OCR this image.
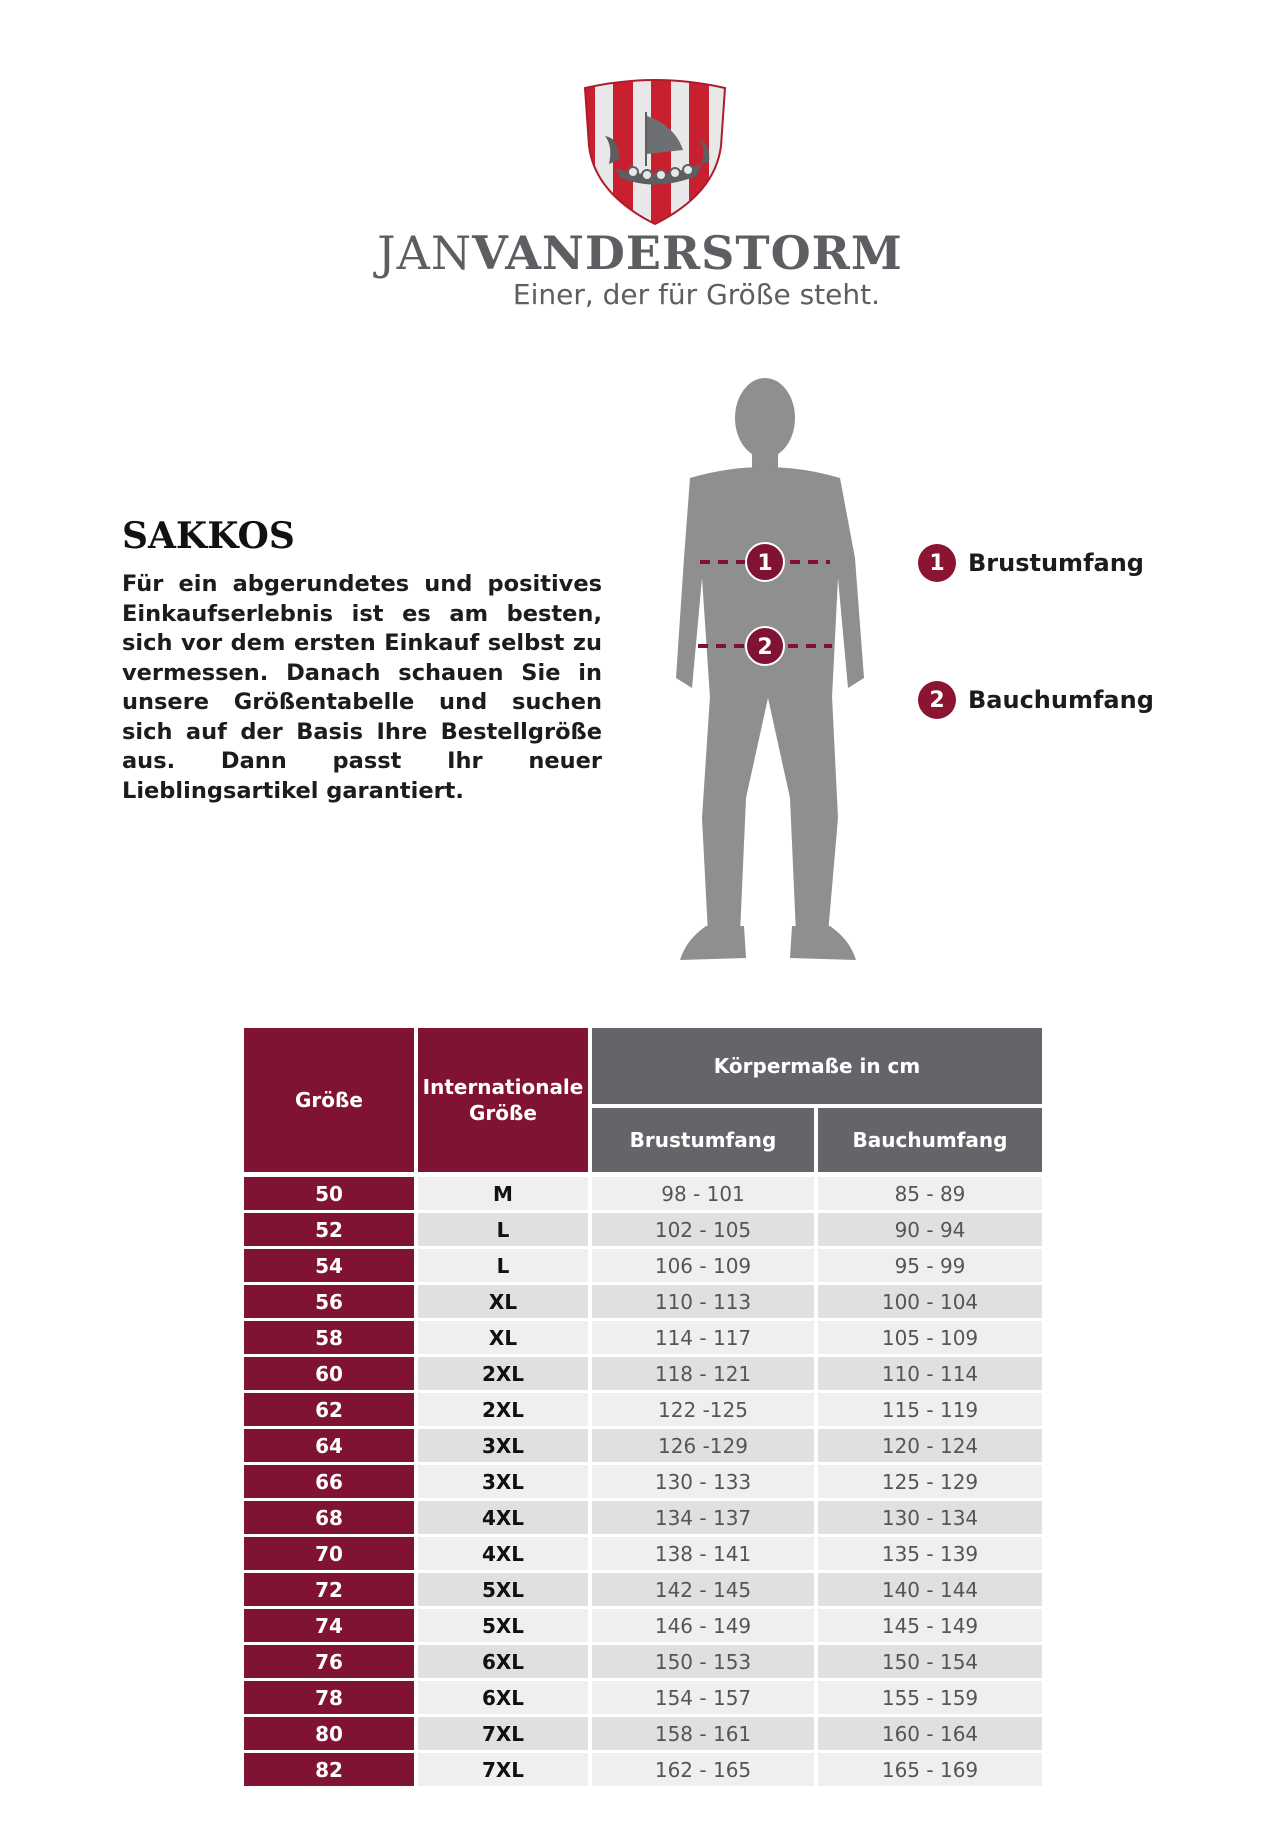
JANVANDERSTORM
Einer, der für Größe steht.
SAKKOS
Für ein abgerundetes und positives Einkaufserlebnis ist es am besten, sich vor dem ersten Einkauf selbst zu vermessen. Danach schauen Sie in unsere Größentabelle und suchen sich auf der Basis Ihre Bestellgröße aus. Dann passt Ihr neuer Lieblingsartikel garantiert.
1
2
1 Brustumfang
2 Bauchumfang
Größe
Internationale Größe
Körpermaße in cm
Brustumfang	Bauchumfang
50	M	98 - 101	85 - 89
52	L	102 - 105	90 - 94
54	L	106 - 109	95 - 99
56	XL	110 - 113	100 - 104
58	XL	114 - 117	105 - 109
60	2XL	118 - 121	110 - 114
62	2XL	122 -125	115 - 119
64	3XL	126 -129	120 - 124
66	3XL	130 - 133	125 - 129
68	4XL	134 - 137	130 - 134
70	4XL	138 - 141	135 - 139
72	5XL	142 - 145	140 - 144
74	5XL	146 - 149	145 - 149
76	6XL	150 - 153	150 - 154
78	6XL	154 - 157	155 - 159
80	7XL	158 - 161	160 - 164
82	7XL	162 - 165	165 - 169
